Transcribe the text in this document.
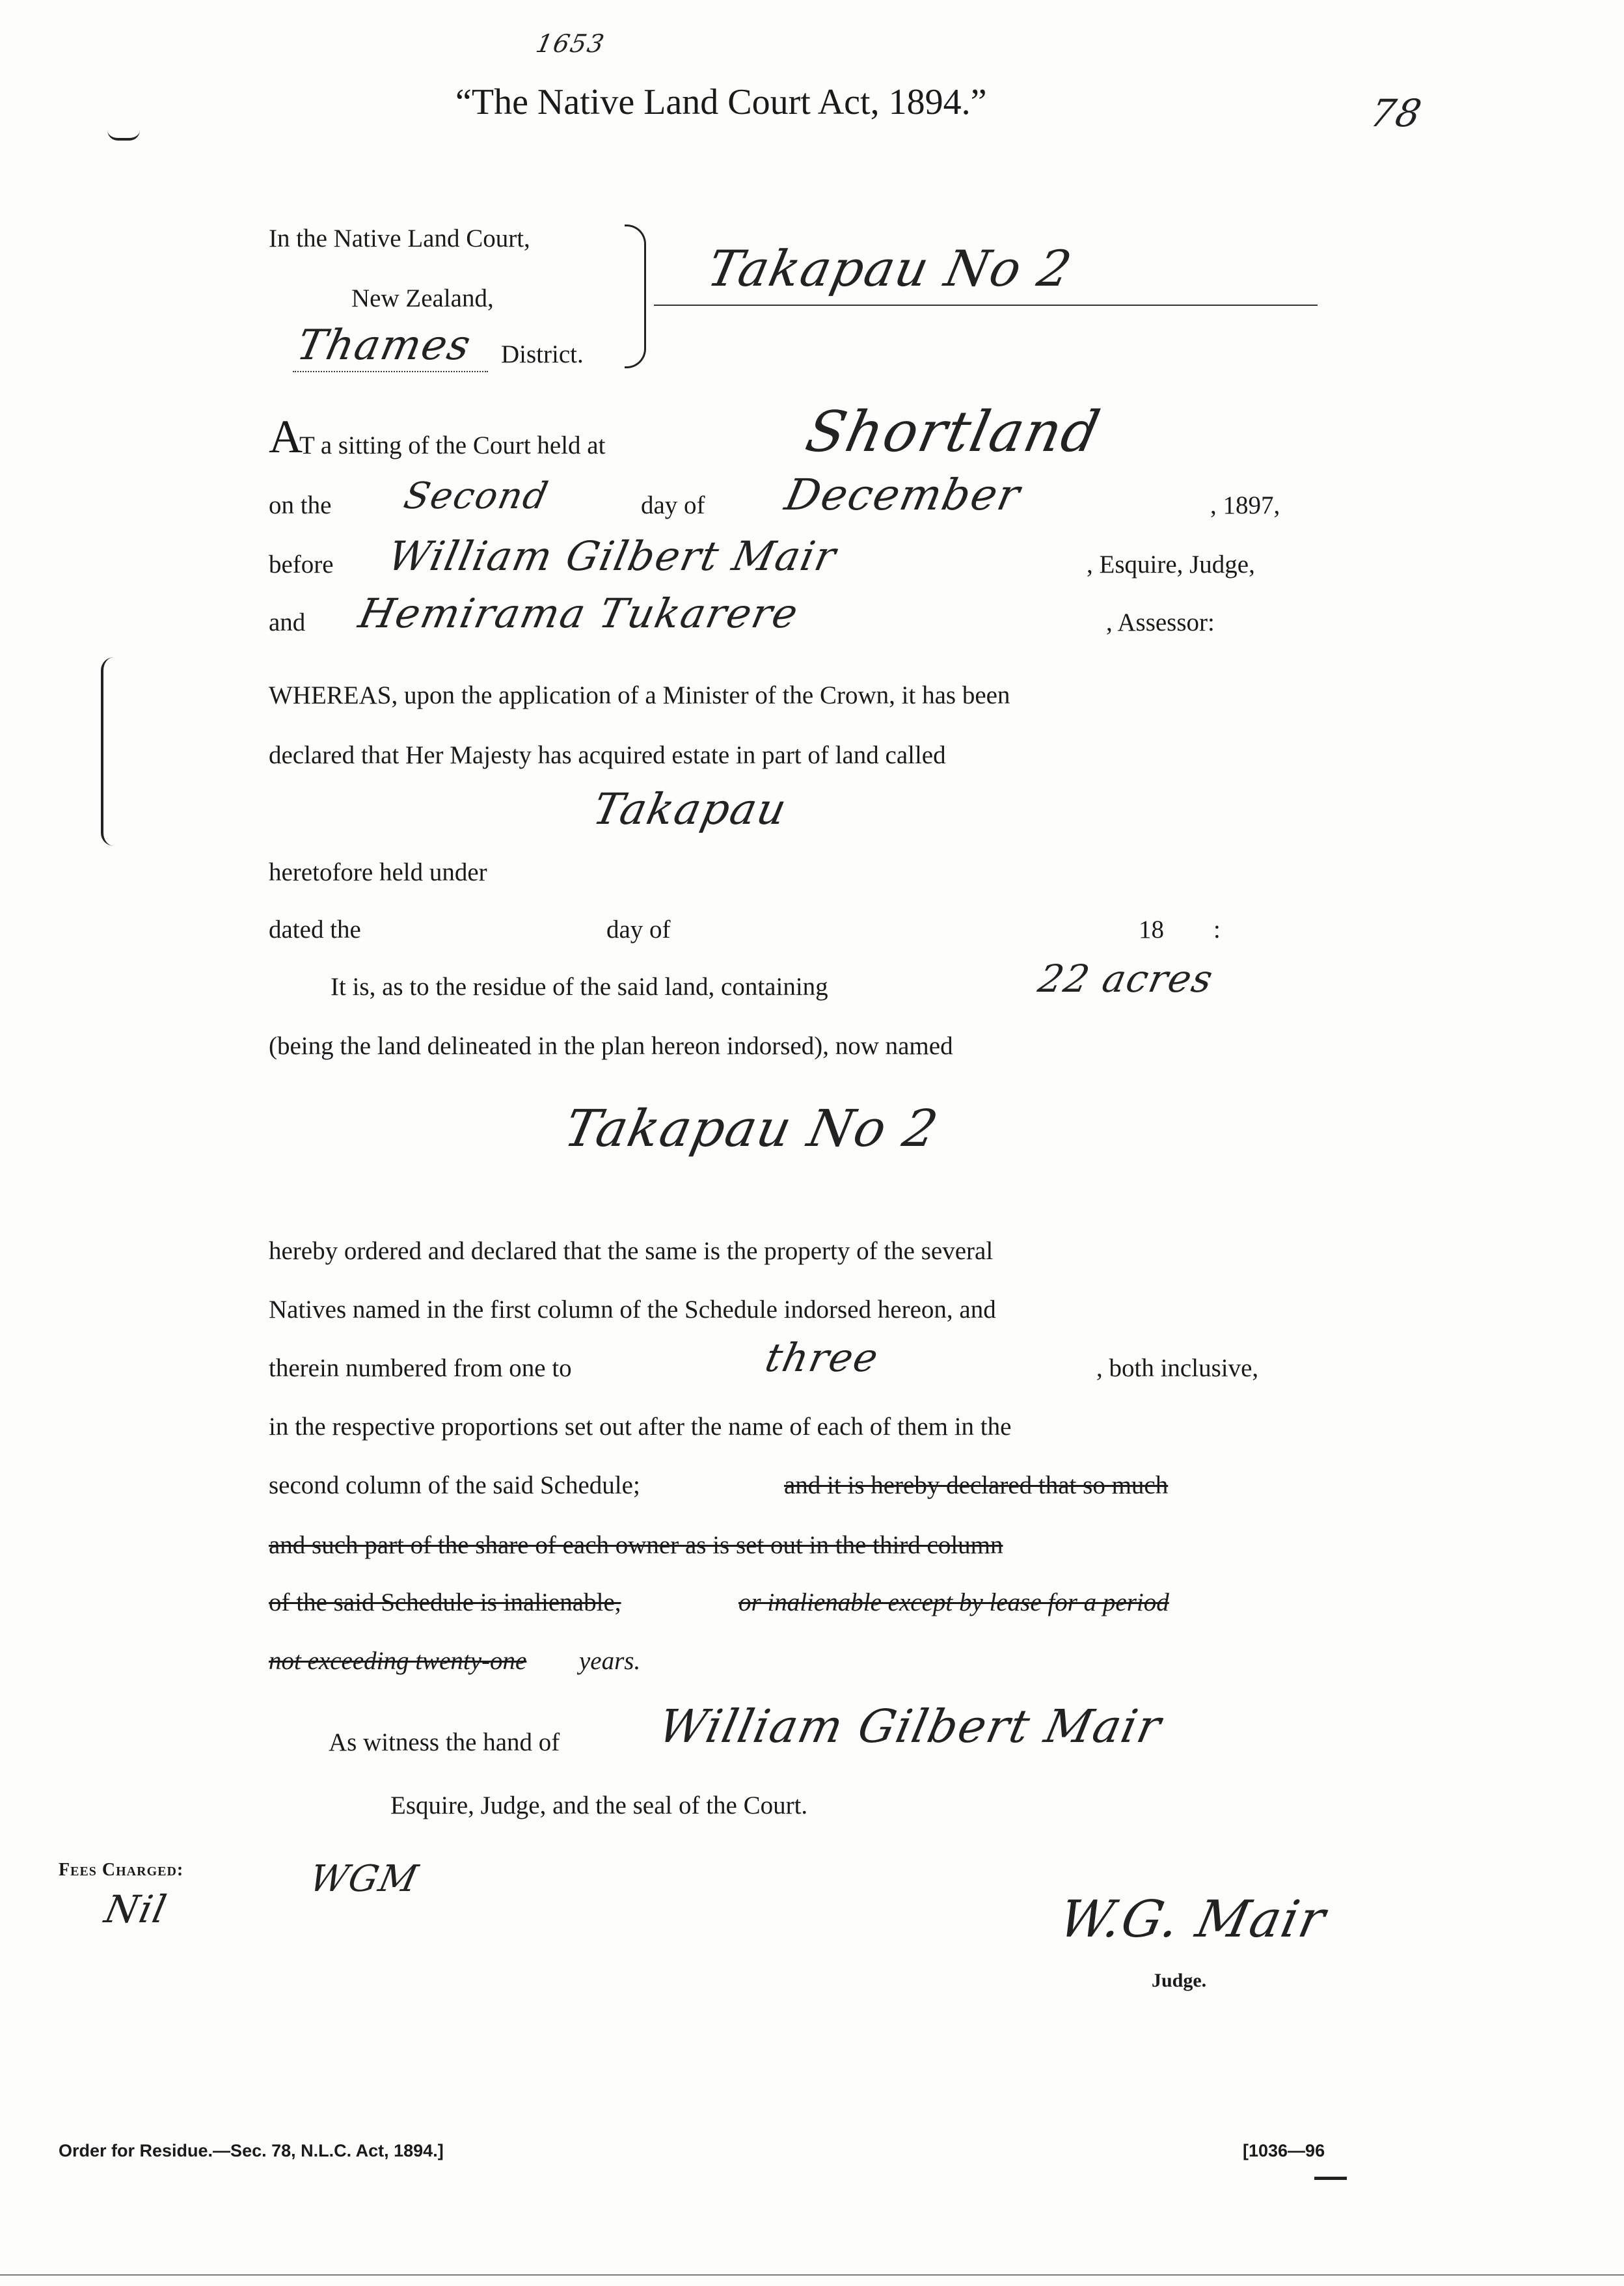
1653
“The Native Land Court Act, 1894.”	78
In the Native Land Court,
New Zealand,
Thames District.
Takapau No 2
A
T a sitting of the Court held at	Shortland
on the Second	day of December	, 1897,
before William Gilbert Mair	, Esquire, Judge,
and Hemirama Tukarere	, Assessor:
WHEREAS, upon the application of a Minister of the Crown, it has been
declared that Her Majesty has acquired estate in part of land called
Takapau
heretofore held under
dated the	day of	18 :
It is, as to the residue of the said land, containing	22 acres
(being the land delineated in the plan hereon indorsed), now named
Takapau No 2
hereby ordered and declared that the same is the property of the several
Natives named in the first column of the Schedule indorsed hereon, and
therein numbered from one to	three	, both inclusive,
in the respective proportions set out after the name of each of them in the
second column of the said Schedule;	and it is hereby declared that so much
and such part of the share of each owner as is set out in the third column
of the said Schedule is inalienable,	or inalienable except by lease for a period
not exceeding twenty-one years.
As witness the hand of William Gilbert Mair
Esquire, Judge, and the seal of the Court.
Fees Charged:
Nil
WGM
W.G. Mair
Judge.
Order for Residue.—Sec. 78, N.L.C. Act, 1894.]	[1036—96
